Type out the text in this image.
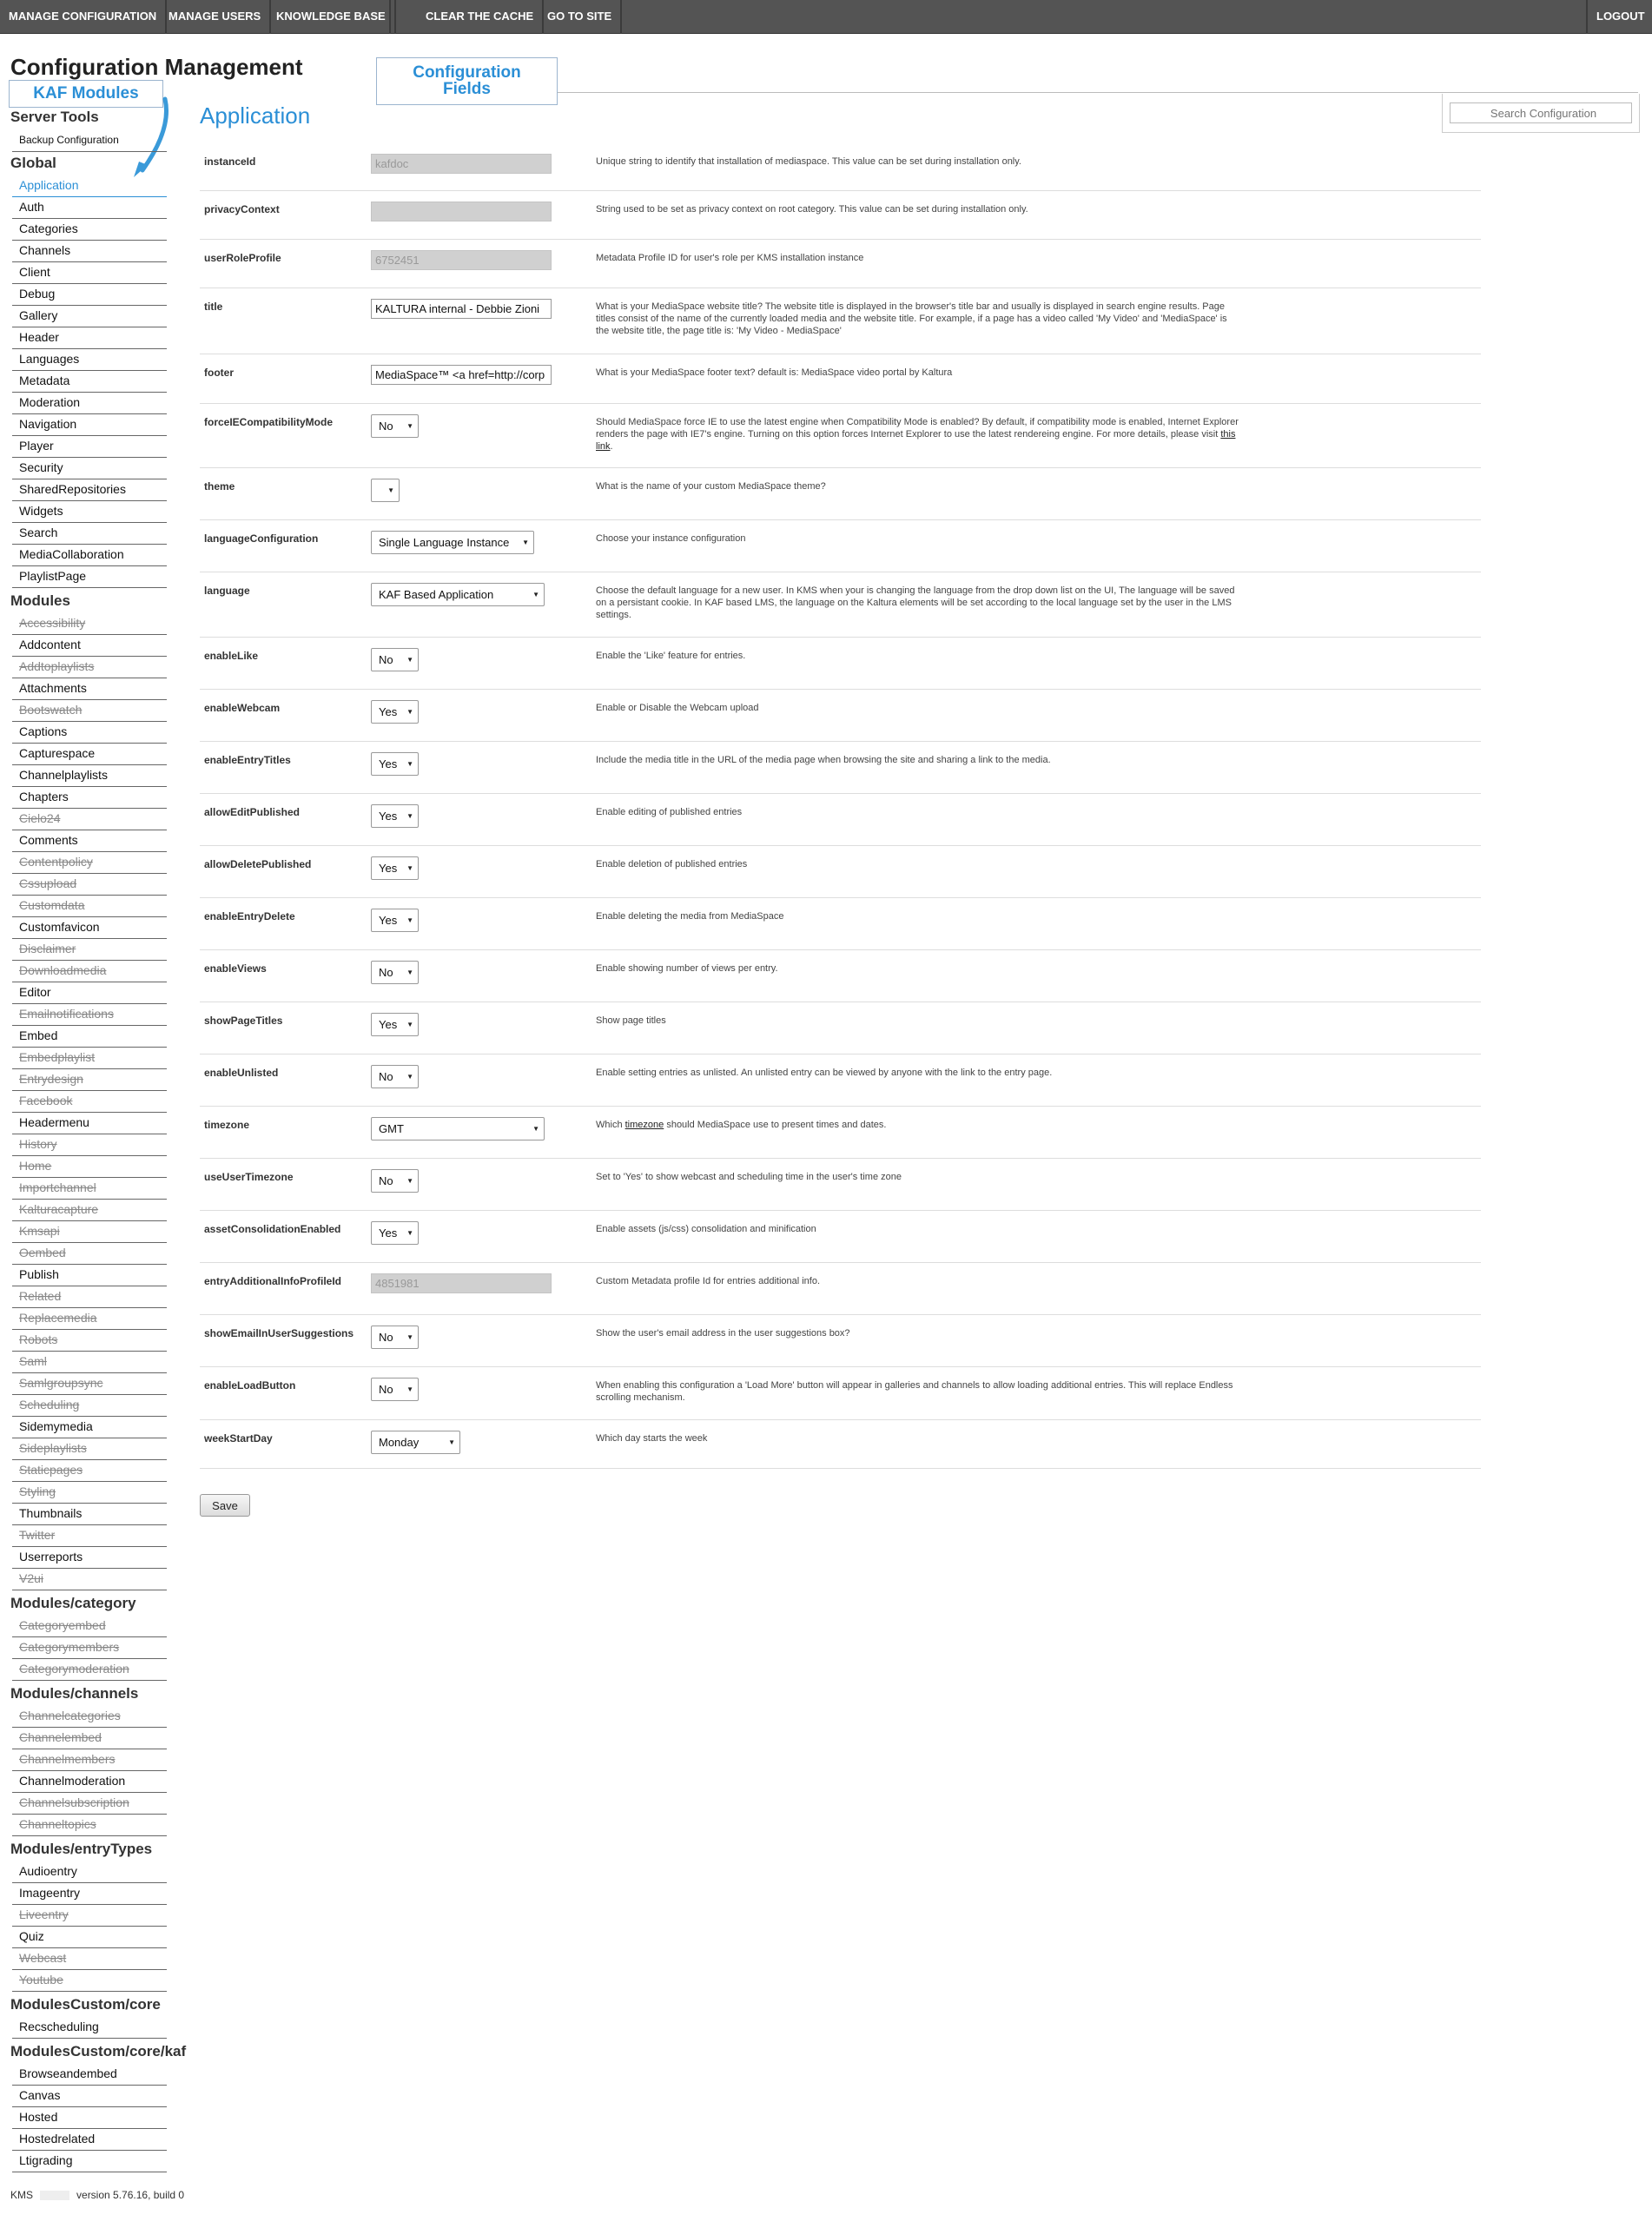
MANAGE CONFIGURATION	MANAGE USERS	KNOWLEDGE BASE	CLEAR THE CACHE	GO TO SITE	LOGOUT
Configuration Management	Configuration
Fields
KAF Modules
Search Configuration
Server Tools
Backup Configuration
Global
Application
Auth
Categories
Channels
Client
Debug
Gallery
Header
Languages
Metadata
Moderation
Navigation
Player
Security
SharedRepositories
Widgets
Search
MediaCollaboration
PlaylistPage
Modules
Accessibility
Addcontent
Addtoplaylists
Attachments
Bootswatch
Captions
Capturespace
Channelplaylists
Chapters
Cielo24
Comments
Contentpolicy
Cssupload
Customdata
Customfavicon
Disclaimer
Downloadmedia
Editor
Emailnotifications
Embed
Embedplaylist
Entrydesign
Facebook
Headermenu
History
Home
Importchannel
Kalturacapture
Kmsapi
Oembed
Publish
Related
Replacemedia
Robots
Saml
Samlgroupsync
Scheduling
Sidemymedia
Sideplaylists
Staticpages
Styling
Thumbnails
Twitter
Userreports
V2ui
Modules/category
Categoryembed
Categorymembers
Categorymoderation
Modules/channels
Channelcategories
Channelembed
Channelmembers
Channelmoderation
Channelsubscription
Channeltopics
Modules/entryTypes
Audioentry
Imageentry
Liveentry
Quiz
Webcast
Youtube
ModulesCustom/core
Recscheduling
ModulesCustom/core/kaf
Browseandembed
Canvas
Hosted
Hostedrelated
Ltigrading
Application
instanceId	kafdoc	Unique string to identify that installation of mediaspace. This value can be set during installation only.
privacyContext	String used to be set as privacy context on root category. This value can be set during installation only.
userRoleProfile	6752451	Metadata Profile ID for user's role per KMS installation instance
title	KALTURA internal - Debbie Zioni	What is your MediaSpace website title? The website title is displayed in the browser's title bar and usually is displayed in search engine results. Page titles consist of the name of the currently loaded media and the website title. For example, if a page has a video called 'My Video' and 'MediaSpace' is the website title, the page title is: 'My Video - MediaSpace'
footer	MediaSpace™ <a href=http://corp	What is your MediaSpace footer text? default is: MediaSpace video portal by Kaltura
forceIECompatibilityMode	No ▼	Should MediaSpace force IE to use the latest engine when Compatibility Mode is enabled? By default, if compatibility mode is enabled, Internet Explorer renders the page with IE7's engine. Turning on this option forces Internet Explorer to use the latest rendereing engine. For more details, please visit this link.
theme
▼	What is the name of your custom MediaSpace theme?
languageConfiguration	Single Language Instance ▼	Choose your instance configuration
language	KAF Based Application ▼	Choose the default language for a new user. In KMS when your is changing the language from the drop down list on the UI, The language will be saved on a persistant cookie. In KAF based LMS, the language on the Kaltura elements will be set according to the local language set by the user in the LMS settings.
enableLike	No ▼	Enable the 'Like' feature for entries.
enableWebcam	Yes ▼	Enable or Disable the Webcam upload
enableEntryTitles	Yes ▼	Include the media title in the URL of the media page when browsing the site and sharing a link to the media.
allowEditPublished	Yes ▼	Enable editing of published entries
allowDeletePublished	Yes ▼	Enable deletion of published entries
enableEntryDelete	Yes ▼	Enable deleting the media from MediaSpace
enableViews	No ▼	Enable showing number of views per entry.
showPageTitles	Yes ▼	Show page titles
enableUnlisted	No ▼	Enable setting entries as unlisted. An unlisted entry can be viewed by anyone with the link to the entry page.
timezone	GMT ▼	Which timezone should MediaSpace use to present times and dates.
useUserTimezone	No ▼	Set to 'Yes' to show webcast and scheduling time in the user's time zone
assetConsolidationEnabled	Yes ▼	Enable assets (js/css) consolidation and minification
entryAdditionalInfoProfileId	4851981	Custom Metadata profile Id for entries additional info.
showEmailInUserSuggestions	No ▼	Show the user's email address in the user suggestions box?
enableLoadButton	No ▼	When enabling this configuration a 'Load More' button will appear in galleries and channels to allow loading additional entries. This will replace Endless scrolling mechanism.
weekStartDay	Monday ▼	Which day starts the week
Save
KMS	version 5.76.16, build 0
